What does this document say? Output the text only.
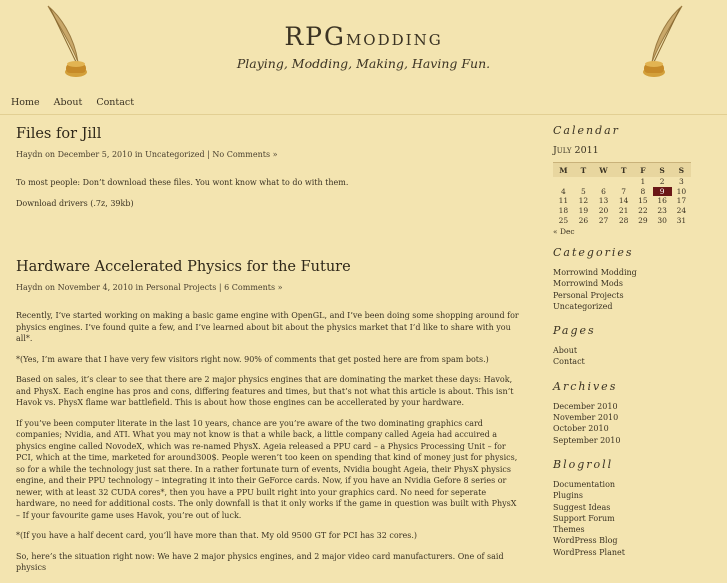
RPGmodding
Playing, Modding, Making, Having Fun.
Home About Contact
Files for Jill
Haydn on December 5, 2010 in Uncategorized | No Comments »

To most people: Don’t download these files. You wont know what to do with them.

Download drivers (.7z, 39kb)

Hardware Accelerated Physics for the Future
Haydn on November 4, 2010 in Personal Projects | 6 Comments »

Recently, I’ve started working on making a basic game engine with OpenGL, and I’ve been doing some shopping around for physics engines. I’ve found quite a few, and I’ve learned about bit about the physics market that I’d like to share with you all*.

*(Yes, I’m aware that I have very few visitors right now. 90% of comments that get posted here are from spam bots.)

Based on sales, it’s clear to see that there are 2 major physics engines that are dominating the market these days: Havok, and PhysX. Each engine has pros and cons, differing features and times, but that’s not what this article is about. This isn’t Havok vs. PhysX flame war battlefield. This is about how those engines can be accellerated by your hardware.

If you’ve been computer literate in the last 10 years, chance are you’re aware of the two dominating graphics card companies; Nvidia, and ATI. What you may not know is that a while back, a little company called Ageia had accuired a physics engine called NovodeX, which was re-named PhysX. Ageia released a PPU card – a Physics Processing Unit – for PCI, which at the time, marketed for around300$. People weren’t too keen on spending that kind of money just for physics, so for a while the technology just sat there. In a rather fortunate turn of events, Nvidia bought Ageia, their PhysX physics engine, and their PPU technology – integrating it into their GeForce cards. Now, if you have an Nvidia Gefore 8 series or newer, with at least 32 CUDA cores*, then you have a PPU built right into your graphics card. No need for seperate hardware, no need for additional costs. The only downfall is that it only works if the game in question was built with PhysX – If your favourite game uses Havok, you’re out of luck.

*(If you have a half decent card, you’ll have more than that. My old 9500 GT for PCI has 32 cores.)

So, here’s the situation right now: We have 2 major physics engines, and 2 major video card manufacturers. One of said physics

Calendar
July 2011
M	T	W	T	F	S	S
				1	2	3
4	5	6	7	8	9	10
11	12	13	14	15	16	17
18	19	20	21	22	23	24
25	26	27	28	29	30	31
« Dec
Categories
Morrowind Modding
Morrowind Mods
Personal Projects
Uncategorized
Pages
About
Contact
Archives
December 2010
November 2010
October 2010
September 2010
Blogroll
Documentation
Plugins
Suggest Ideas
Support Forum
Themes
WordPress Blog
WordPress Planet
